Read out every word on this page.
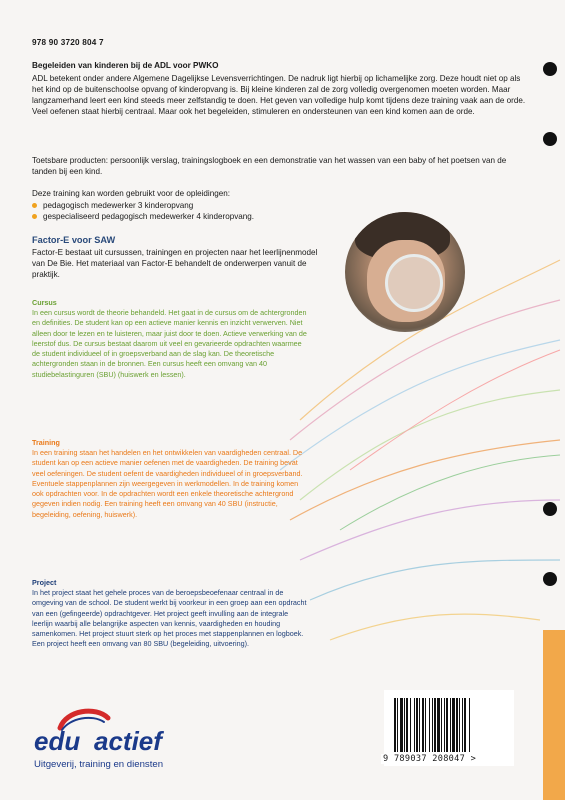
978 90 3720 804 7
Begeleiden van kinderen bij de ADL voor PWKO
ADL betekent onder andere Algemene Dagelijkse Levensverrichtingen. De nadruk ligt hierbij op lichamelijke zorg. Deze houdt niet op als het kind op de buitenschoolse opvang of kinderopvang is. Bij kleine kinderen zal de zorg volledig overgenomen moeten worden. Maar langzamerhand leert een kind steeds meer zelfstandig te doen. Het geven van volledige hulp komt tijdens deze training vaak aan de orde. Veel oefenen staat hierbij centraal. Maar ook het begeleiden, stimuleren en ondersteunen van een kind komen aan de orde.
Toetsbare producten: persoonlijk verslag, trainingslogboek en een demonstratie van het wassen van een baby of het poetsen van de tanden bij een kind.
Deze training kan worden gebruikt voor de opleidingen:
pedagogisch medewerker 3 kinderopvang
gespecialiseerd pedagogisch medewerker 4 kinderopvang.
Factor-E voor SAW
Factor-E bestaat uit cursussen, trainingen en projecten naar het leerlijnenmodel van De Bie. Het materiaal van Factor-E behandelt de onderwerpen vanuit de praktijk.
Cursus
In een cursus wordt de theorie behandeld. Het gaat in de cursus om de achtergronden en definities. De student kan op een actieve manier kennis en inzicht verwerven. Niet alleen door te lezen en te luisteren, maar juist door te doen. Actieve verwerking van de leerstof dus. De cursus bestaat daarom uit veel en gevarieerde opdrachten waarmee de student individueel of in groepsverband aan de slag kan. De theoretische achtergronden staan in de bronnen. Een cursus heeft een omvang van 40 studiebelastinguren (SBU) (huiswerk en lessen).
Training
In een training staan het handelen en het ontwikkelen van vaardigheden centraal. De student kan op een actieve manier oefenen met de vaardigheden. De training bevat veel oefeningen. De student oefent de vaardigheden individueel of in groepsverband. Eventuele stappenplannen zijn weergegeven in werkmodellen. In de training komen ook opdrachten voor. In de opdrachten wordt een enkele theoretische achtergrond gegeven indien nodig. Een training heeft een omvang van 40 SBU (instructie, begeleiding, oefening, huiswerk).
Project
In het project staat het gehele proces van de beroepsbeoefenaar centraal in de omgeving van de school. De student werkt bij voorkeur in een groep aan een opdracht van een (gefingeerde) opdrachtgever. Het project geeft invulling aan de integrale leerlijn waarbij alle belangrijke aspecten van kennis, vaardigheden en houding samenkomen. Het project stuurt sterk op het proces met stappenplannen en logboek. Een project heeft een omvang van 80 SBU (begeleiding, uitvoering).
edu actief
Uitgeverij, training en diensten	9 789037 208047 >
